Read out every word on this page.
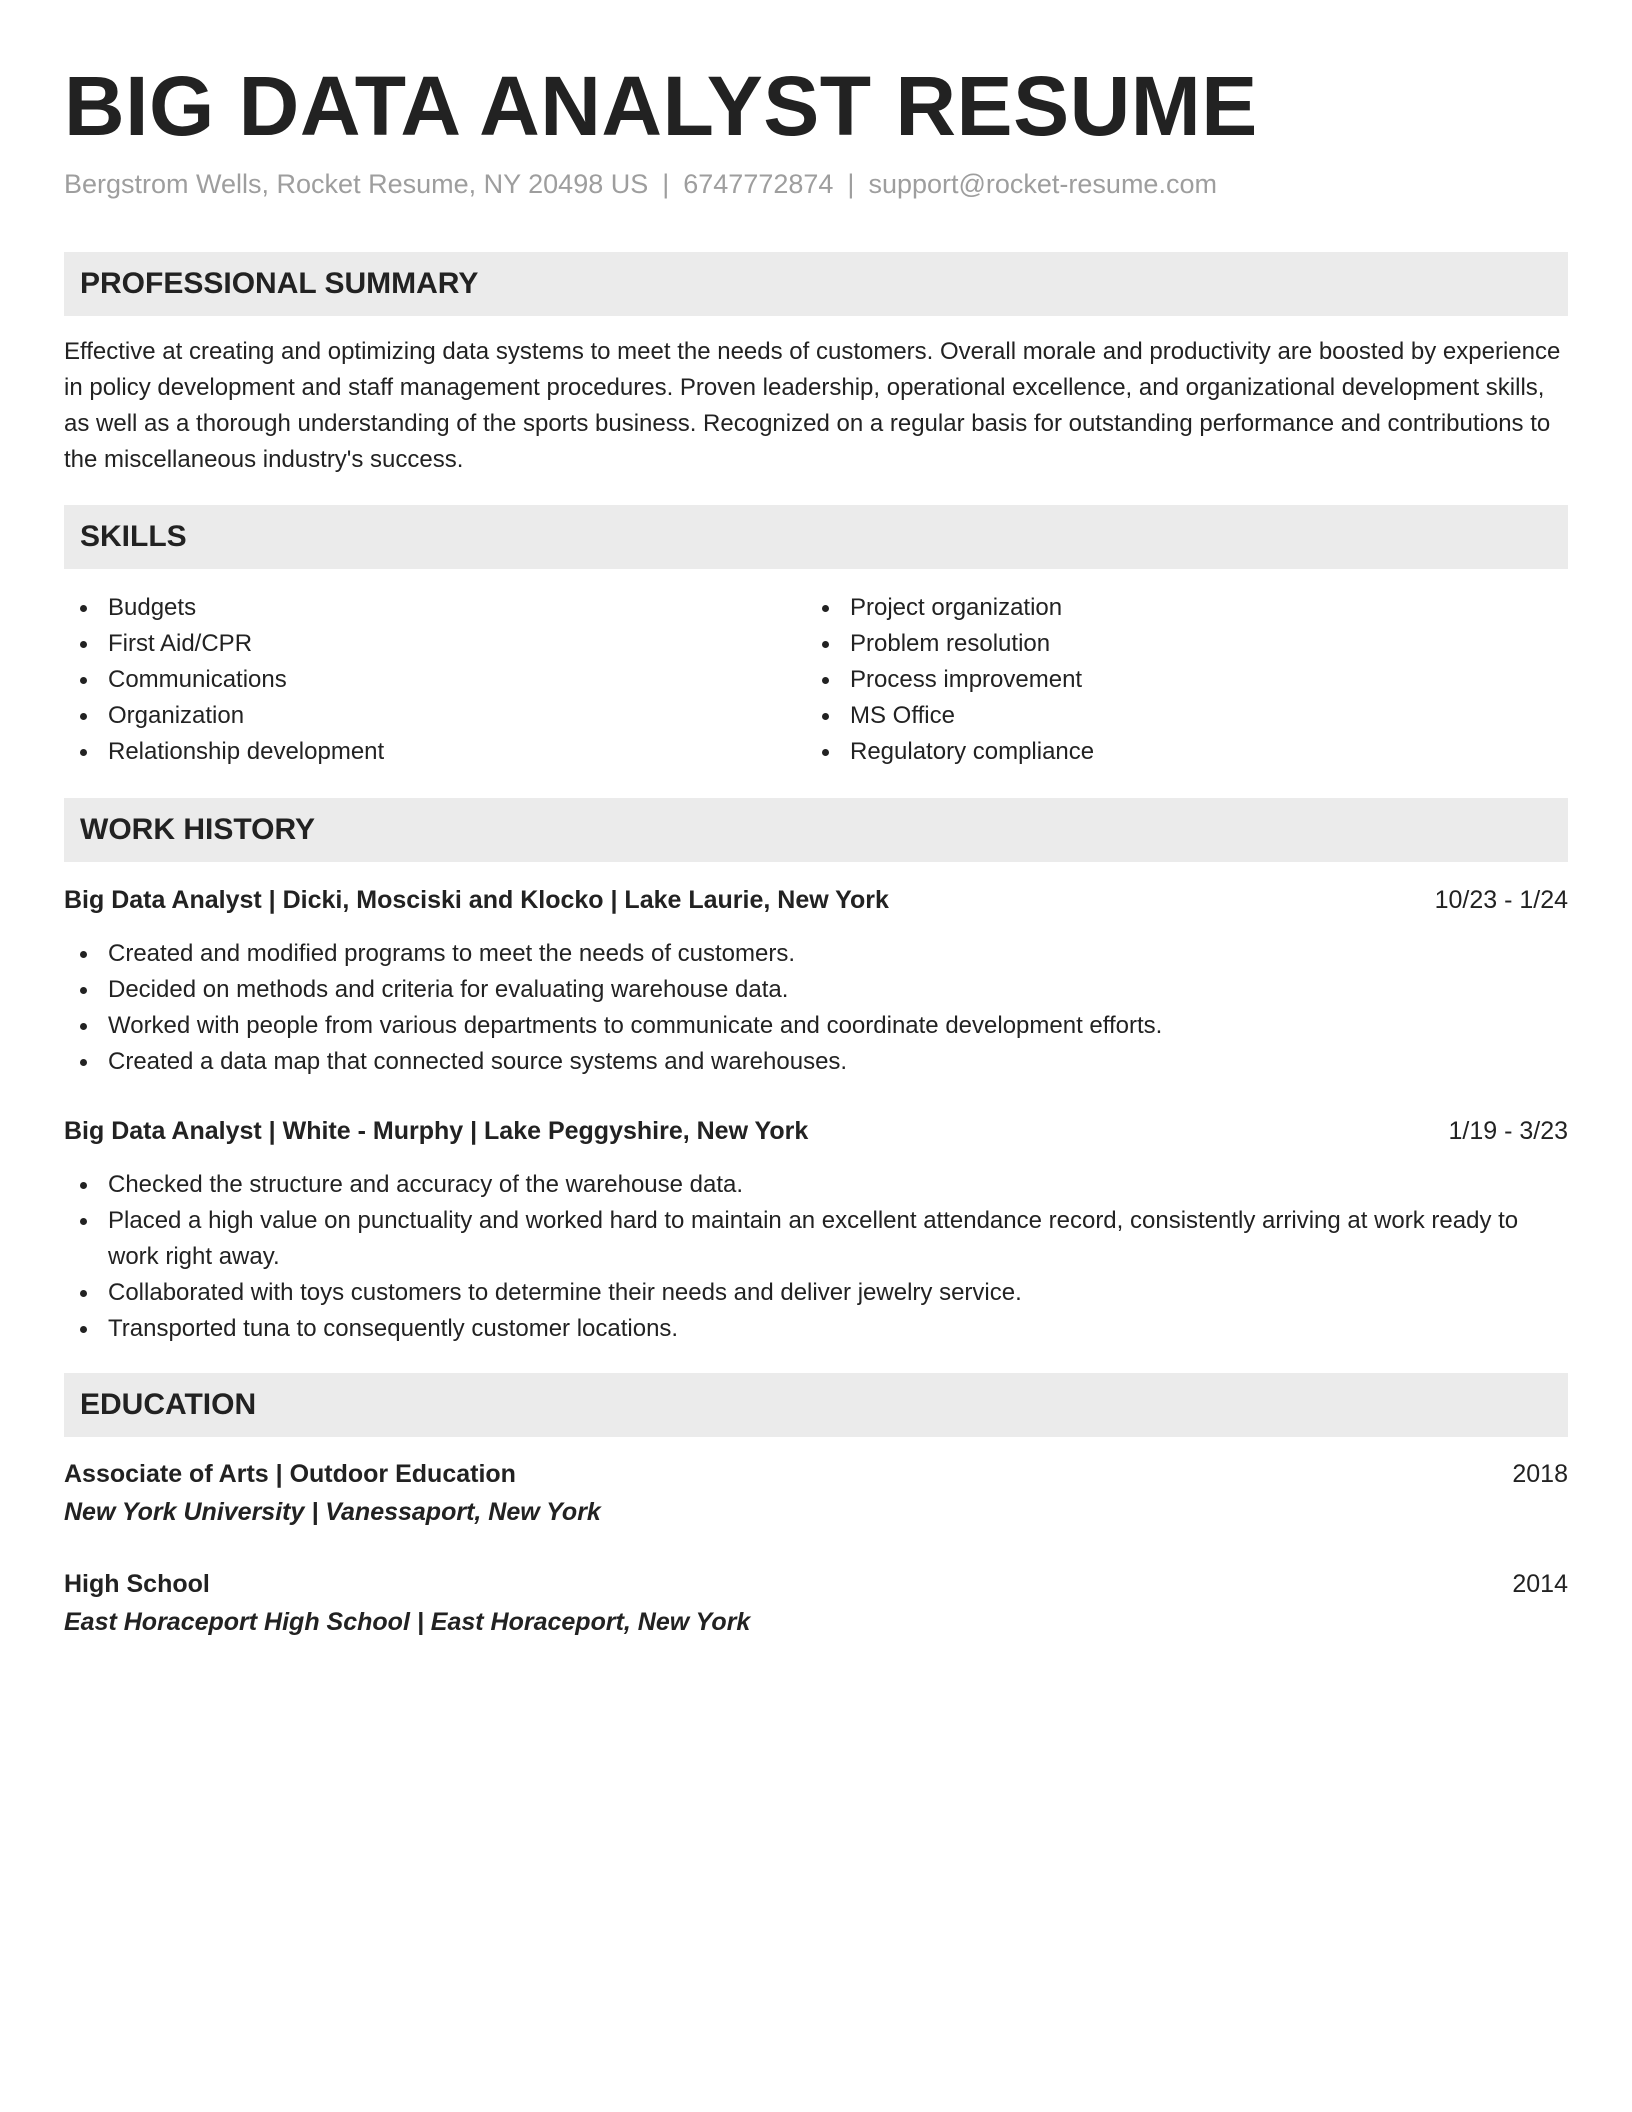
BIG DATA ANALYST RESUME
Bergstrom Wells, Rocket Resume, NY 20498 US | 6747772874 | support@rocket-resume.com
PROFESSIONAL SUMMARY

Effective at creating and optimizing data systems to meet the needs of customers. Overall morale and productivity are boosted by experience in policy development and staff management procedures. Proven leadership, operational excellence, and organizational development skills, as well as a thorough understanding of the sports business. Recognized on a regular basis for outstanding performance and contributions to the miscellaneous industry's success.

SKILLS
Budgets
First Aid/CPR
Communications
Organization
Relationship development
Project organization
Problem resolution
Process improvement
MS Office
Regulatory compliance
WORK HISTORY
Big Data Analyst | Dicki, Mosciski and Klocko | Lake Laurie, New York	10/23 - 1/24
Created and modified programs to meet the needs of customers.
Decided on methods and criteria for evaluating warehouse data.
Worked with people from various departments to communicate and coordinate development efforts.
Created a data map that connected source systems and warehouses.
Big Data Analyst | White - Murphy | Lake Peggyshire, New York	1/19 - 3/23
Checked the structure and accuracy of the warehouse data.
Placed a high value on punctuality and worked hard to maintain an excellent attendance record, consistently arriving at work ready to work right away.
Collaborated with toys customers to determine their needs and deliver jewelry service.
Transported tuna to consequently customer locations.
EDUCATION
Associate of Arts | Outdoor Education	2018
New York University | Vanessaport, New York
High School	2014
East Horaceport High School | East Horaceport, New York
